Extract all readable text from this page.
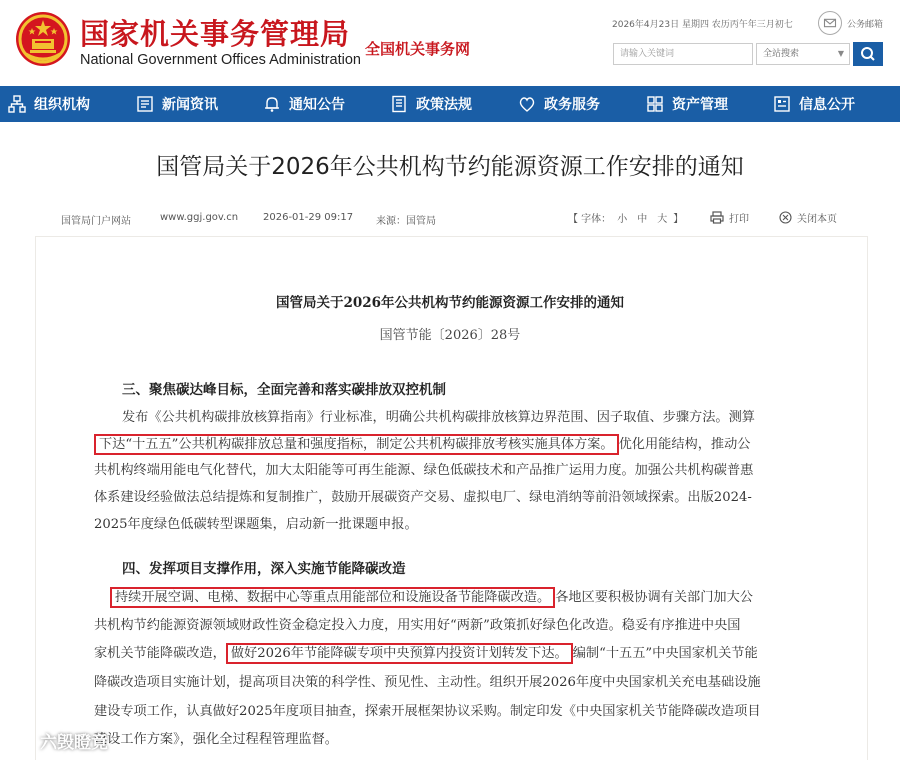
国家机关事务管理局
National Government Offices Administration
全国机关事务网
2026年4月23日 星期四 农历丙午年三月初七	公务邮箱
请输入关键词	全站搜索	▼
组织机构	新闻资讯	通知公告	政策法规	政务服务	资产管理	信息公开
国管局关于2026年公共机构节约能源资源工作安排的通知
国管局门户网站	www.ggj.gov.cn 2026-01-29 09:17 来源：国管局	【 字体： 小 中 大 】	打印	关闭本页
国管局关于2026年公共机构节约能源资源工作安排的通知
国管节能〔2026〕28号
三、聚焦碳达峰目标，全面完善和落实碳排放双控机制
发布《公共机构碳排放核算指南》行业标准，明确公共机构碳排放核算边界范围、因子取值、步骤方法。测算
下达“十五五”公共机构碳排放总量和强度指标，制定公共机构碳排放考核实施具体方案。 优化用能结构，推动公
共机构终端用能电气化替代，加大太阳能等可再生能源、绿色低碳技术和产品推广运用力度。加强公共机构碳普惠
体系建设经验做法总结提炼和复制推广，鼓励开展碳资产交易、虚拟电厂、绿电消纳等前沿领域探索。出版2024-
2025年度绿色低碳转型课题集，启动新一批课题申报。
四、发挥项目支撑作用，深入实施节能降碳改造
持续开展空调、电梯、数据中心等重点用能部位和设施设备节能降碳改造。 各地区要积极协调有关部门加大公
共机构节约能源资源领域财政性资金稳定投入力度，用实用好“两新”政策抓好绿色化改造。稳妥有序推进中央国
家机关节能降碳改造， 做好2026年节能降碳专项中央预算内投资计划转发下达。 编制“十五五”中央国家机关节能
降碳改造项目实施计划，提高项目决策的科学性、预见性、主动性。组织开展2026年度中央国家机关充电基础设施
建设专项工作，认真做好2025年度项目抽查，探索开展框架协议采购。制定印发《中央国家机关节能降碳改造项目
建设工作方案》，强化全过程程管理监督。
六毁瞪竟
